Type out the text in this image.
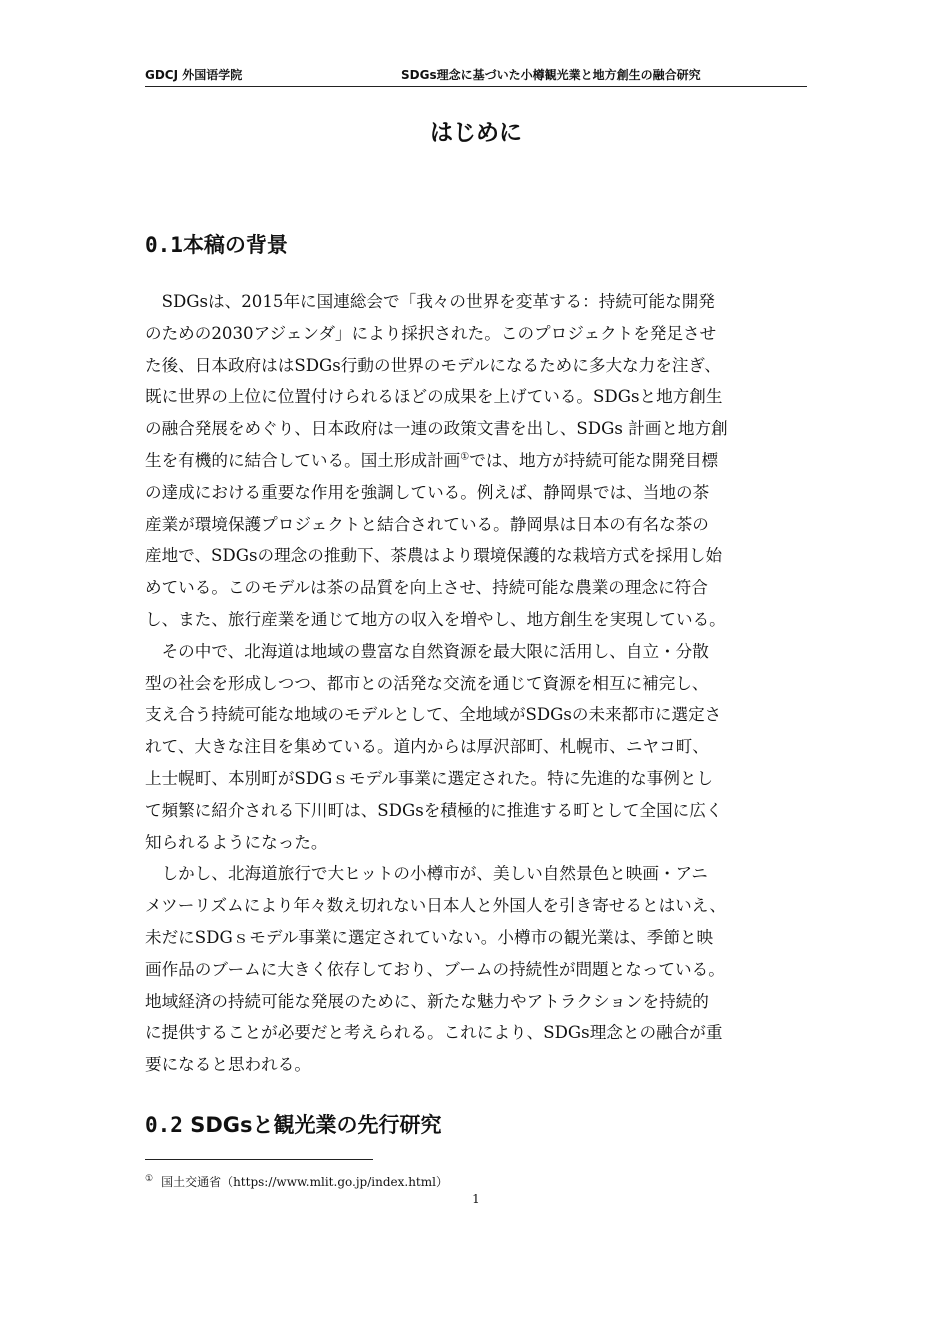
GDCJ 外国语学院	SDGs理念に基づいた小樽観光業と地方創生の融合研究
はじめに
0.1本稿の背景
　SDGsは、2015年に国連総会で「我々の世界を変革する：持続可能な開発
のための2030アジェンダ」により採択された。このプロジェクトを発足させ
た後、日本政府ははSDGs行動の世界のモデルになるために多大な力を注ぎ、
既に世界の上位に位置付けられるほどの成果を上げている。SDGsと地方創生
の融合発展をめぐり、日本政府は一連の政策文書を出し、SDGs 計画と地方創
生を有機的に結合している。国土形成計画①では、地方が持続可能な開発目標
の達成における重要な作用を強調している。例えば、静岡県では、当地の茶
産業が環境保護プロジェクトと結合されている。静岡県は日本の有名な茶の
産地で、SDGsの理念の推動下、茶農はより環境保護的な栽培方式を採用し始
めている。このモデルは茶の品質を向上させ、持続可能な農業の理念に符合
し、また、旅行産業を通じて地方の収入を増やし、地方創生を実現している。
　その中で、北海道は地域の豊富な自然資源を最大限に活用し、自立・分散
型の社会を形成しつつ、都市との活発な交流を通じて資源を相互に補完し、
支え合う持続可能な地域のモデルとして、全地域がSDGsの未来都市に選定さ
れて、大きな注目を集めている。道内からは厚沢部町、札幌市、ニヤコ町、
上士幌町、本別町がSDGｓモデル事業に選定された。特に先進的な事例とし
て頻繁に紹介される下川町は、SDGsを積極的に推進する町として全国に広く
知られるようになった。
　しかし、北海道旅行で大ヒットの小樽市が、美しい自然景色と映画・アニ
メツーリズムにより年々数え切れない日本人と外国人を引き寄せるとはいえ、
未だにSDGｓモデル事業に選定されていない。小樽市の観光業は、季節と映
画作品のブームに大きく依存しており、ブームの持続性が問題となっている。
地域経済の持続可能な発展のために、新たな魅力やアトラクションを持続的
に提供することが必要だと考えられる。これにより、SDGs理念との融合が重
要になると思われる。
0.2 SDGsと観光業の先行研究
① 国土交通省（https://www.mlit.go.jp/index.html）
1
